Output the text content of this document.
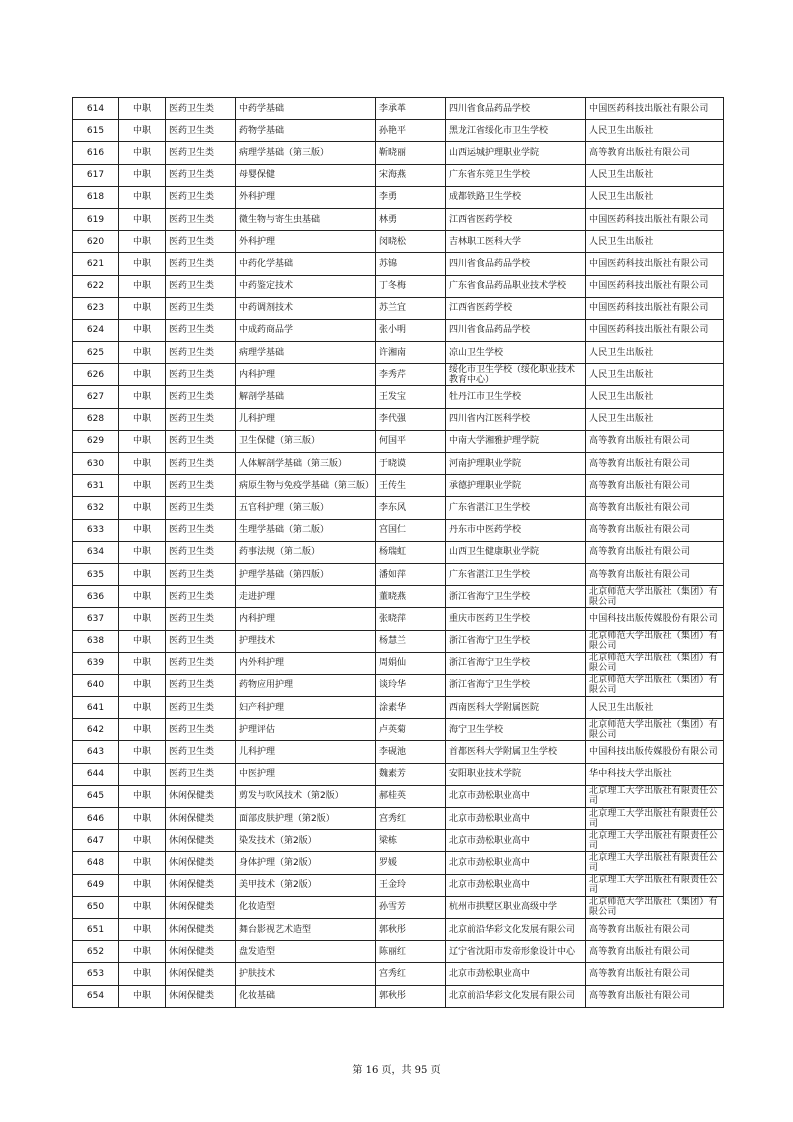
614	中职	医药卫生类	中药学基础	李承革	四川省食品药品学校	中国医药科技出版社有限公司
615	中职	医药卫生类	药物学基础	孙艳平	黑龙江省绥化市卫生学校	人民卫生出版社
616	中职	医药卫生类	病理学基础（第三版）	靳晓丽	山西运城护理职业学院	高等教育出版社有限公司
617	中职	医药卫生类	母婴保健	宋海燕	广东省东莞卫生学校	人民卫生出版社
618	中职	医药卫生类	外科护理	李勇	成都铁路卫生学校	人民卫生出版社
619	中职	医药卫生类	微生物与寄生虫基础	林勇	江西省医药学校	中国医药科技出版社有限公司
620	中职	医药卫生类	外科护理	闵晓松	吉林职工医科大学	人民卫生出版社
621	中职	医药卫生类	中药化学基础	苏锦	四川省食品药品学校	中国医药科技出版社有限公司
622	中职	医药卫生类	中药鉴定技术	丁冬梅	广东省食品药品职业技术学校	中国医药科技出版社有限公司
623	中职	医药卫生类	中药调剂技术	苏兰宜	江西省医药学校	中国医药科技出版社有限公司
624	中职	医药卫生类	中成药商品学	张小明	四川省食品药品学校	中国医药科技出版社有限公司
625	中职	医药卫生类	病理学基础	许湘南	凉山卫生学校	人民卫生出版社
626	中职	医药卫生类	内科护理	李秀芹	绥化市卫生学校（绥化职业技术教育中心）	人民卫生出版社
627	中职	医药卫生类	解剖学基础	王发宝	牡丹江市卫生学校	人民卫生出版社
628	中职	医药卫生类	儿科护理	李代强	四川省内江医科学校	人民卫生出版社
629	中职	医药卫生类	卫生保健（第三版）	何国平	中南大学湘雅护理学院	高等教育出版社有限公司
630	中职	医药卫生类	人体解剖学基础（第三版）	于晓谟	河南护理职业学院	高等教育出版社有限公司
631	中职	医药卫生类	病原生物与免疫学基础（第三版）	王传生	承德护理职业学院	高等教育出版社有限公司
632	中职	医药卫生类	五官科护理（第三版）	李东风	广东省湛江卫生学校	高等教育出版社有限公司
633	中职	医药卫生类	生理学基础（第二版）	宫国仁	丹东市中医药学校	高等教育出版社有限公司
634	中职	医药卫生类	药事法规（第二版）	杨瑞虹	山西卫生健康职业学院	高等教育出版社有限公司
635	中职	医药卫生类	护理学基础（第四版）	潘如萍	广东省湛江卫生学校	高等教育出版社有限公司
636	中职	医药卫生类	走进护理	董晓燕	浙江省海宁卫生学校	北京师范大学出版社（集团）有限公司
637	中职	医药卫生类	内科护理	张晓萍	重庆市医药卫生学校	中国科技出版传媒股份有限公司
638	中职	医药卫生类	护理技术	杨慧兰	浙江省海宁卫生学校	北京师范大学出版社（集团）有限公司
639	中职	医药卫生类	内外科护理	周娟仙	浙江省海宁卫生学校	北京师范大学出版社（集团）有限公司
640	中职	医药卫生类	药物应用护理	谈玲华	浙江省海宁卫生学校	北京师范大学出版社（集团）有限公司
641	中职	医药卫生类	妇产科护理	涂素华	西南医科大学附属医院	人民卫生出版社
642	中职	医药卫生类	护理评估	卢英菊	海宁卫生学校	北京师范大学出版社（集团）有限公司
643	中职	医药卫生类	儿科护理	李砚池	首都医科大学附属卫生学校	中国科技出版传媒股份有限公司
644	中职	医药卫生类	中医护理	魏素芳	安阳职业技术学院	华中科技大学出版社
645	中职	休闲保健类	剪发与吹风技术（第2版）	郝桂英	北京市劲松职业高中	北京理工大学出版社有限责任公司
646	中职	休闲保健类	面部皮肤护理（第2版）	宫秀红	北京市劲松职业高中	北京理工大学出版社有限责任公司
647	中职	休闲保健类	染发技术（第2版）	梁栋	北京市劲松职业高中	北京理工大学出版社有限责任公司
648	中职	休闲保健类	身体护理（第2版）	罗媛	北京市劲松职业高中	北京理工大学出版社有限责任公司
649	中职	休闲保健类	美甲技术（第2版）	王金玲	北京市劲松职业高中	北京理工大学出版社有限责任公司
650	中职	休闲保健类	化妆造型	孙雪芳	杭州市拱墅区职业高级中学	北京师范大学出版社（集团）有限公司
651	中职	休闲保健类	舞台影视艺术造型	郭秋彤	北京前沿华彩文化发展有限公司	高等教育出版社有限公司
652	中职	休闲保健类	盘发造型	陈丽红	辽宁省沈阳市发帝形象设计中心	高等教育出版社有限公司
653	中职	休闲保健类	护肤技术	宫秀红	北京市劲松职业高中	高等教育出版社有限公司
654	中职	休闲保健类	化妆基础	郭秋彤	北京前沿华彩文化发展有限公司	高等教育出版社有限公司
第 16 页，共 95 页
